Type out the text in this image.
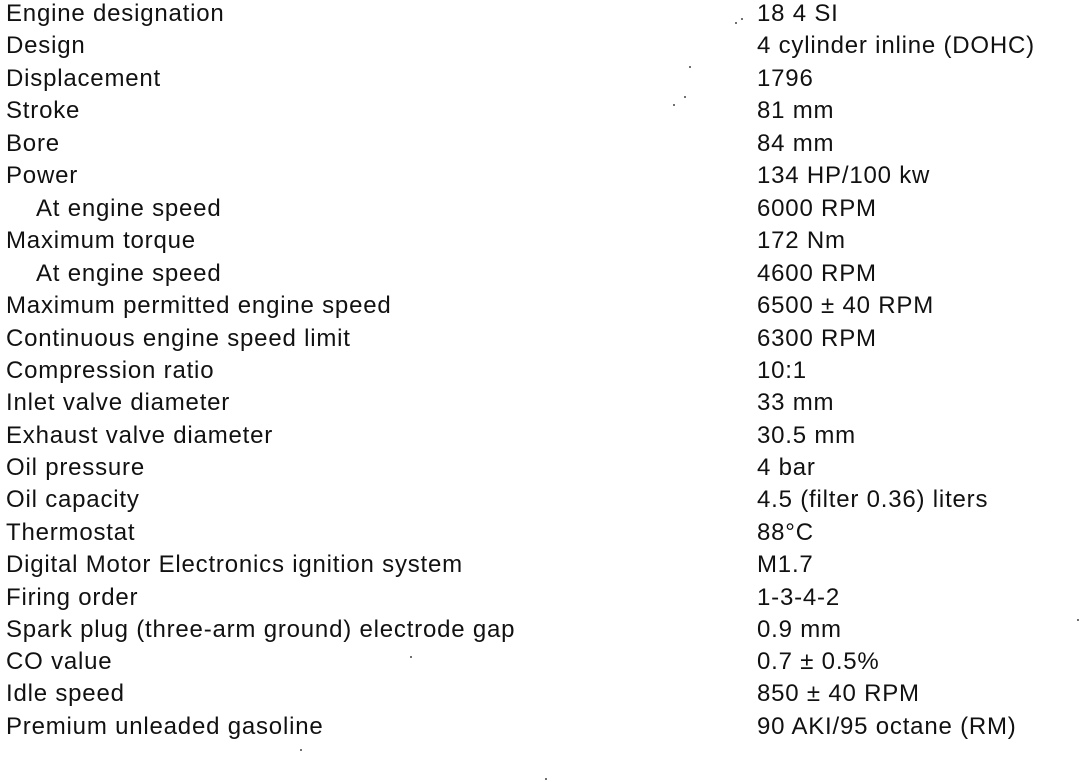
Engine designation	18 4 SI
Design	4 cylinder inline (DOHC)
Displacement	1796
Stroke	81 mm
Bore	84 mm
Power	134 HP/100 kw
At engine speed	6000 RPM
Maximum torque	172 Nm
At engine speed	4600 RPM
Maximum permitted engine speed	6500 ± 40 RPM
Continuous engine speed limit	6300 RPM
Compression ratio	10:1
Inlet valve diameter	33 mm
Exhaust valve diameter	30.5 mm
Oil pressure	4 bar
Oil capacity	4.5 (filter 0.36) liters
Thermostat	88°C
Digital Motor Electronics ignition system	M1.7
Firing order	1-3-4-2
Spark plug (three-arm ground) electrode gap	0.9 mm
CO value	0.7 ± 0.5%
Idle speed	850 ± 40 RPM
Premium unleaded gasoline	90 AKI/95 octane (RM)
